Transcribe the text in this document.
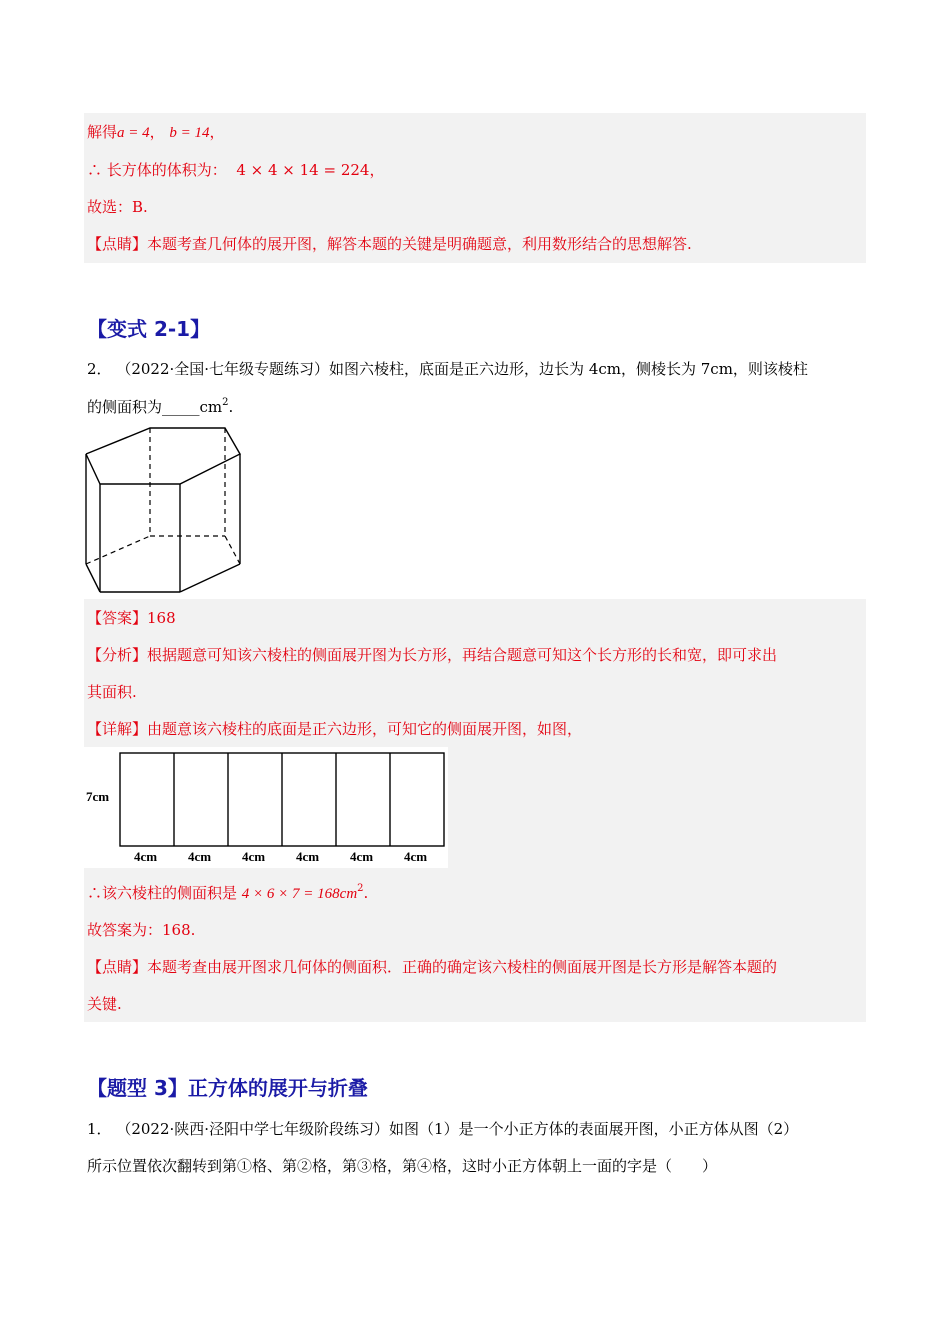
解得a = 4， b = 14，
∴ 长方体的体积为： 4 × 4 × 14 = 224，
故选：B.
【点睛】本题考查几何体的展开图，解答本题的关键是明确题意，利用数形结合的思想解答.
【变式 2-1】
2． （2022·全国·七年级专题练习）如图六棱柱，底面是正六边形，边长为 4cm，侧棱长为 7cm，则该棱柱
的侧面积为$\_\_\_\_\_cm^2$.
【答案】168
【分析】根据题意可知该六棱柱的侧面展开图为长方形，再结合题意可知这个长方形的长和宽，即可求出
其面积.
【详解】由题意该六棱柱的底面是正六边形，可知它的侧面展开图，如图，
7cm
4cm 4cm 4cm 4cm 4cm 4cm
∴该六棱柱的侧面积是 $4 \times 6 \times 7 = 168cm^2$.
故答案为：168.
【点睛】本题考查由展开图求几何体的侧面积．正确的确定该六棱柱的侧面展开图是长方形是解答本题的
关键.
【题型 3】正方体的展开与折叠
1． （2022·陕西·泾阳中学七年级阶段练习）如图（1）是一个小正方体的表面展开图，小正方体从图（2）
所示位置依次翻转到第①格、第②格，第③格，第④格，这时小正方体朝上一面的字是（　　）
